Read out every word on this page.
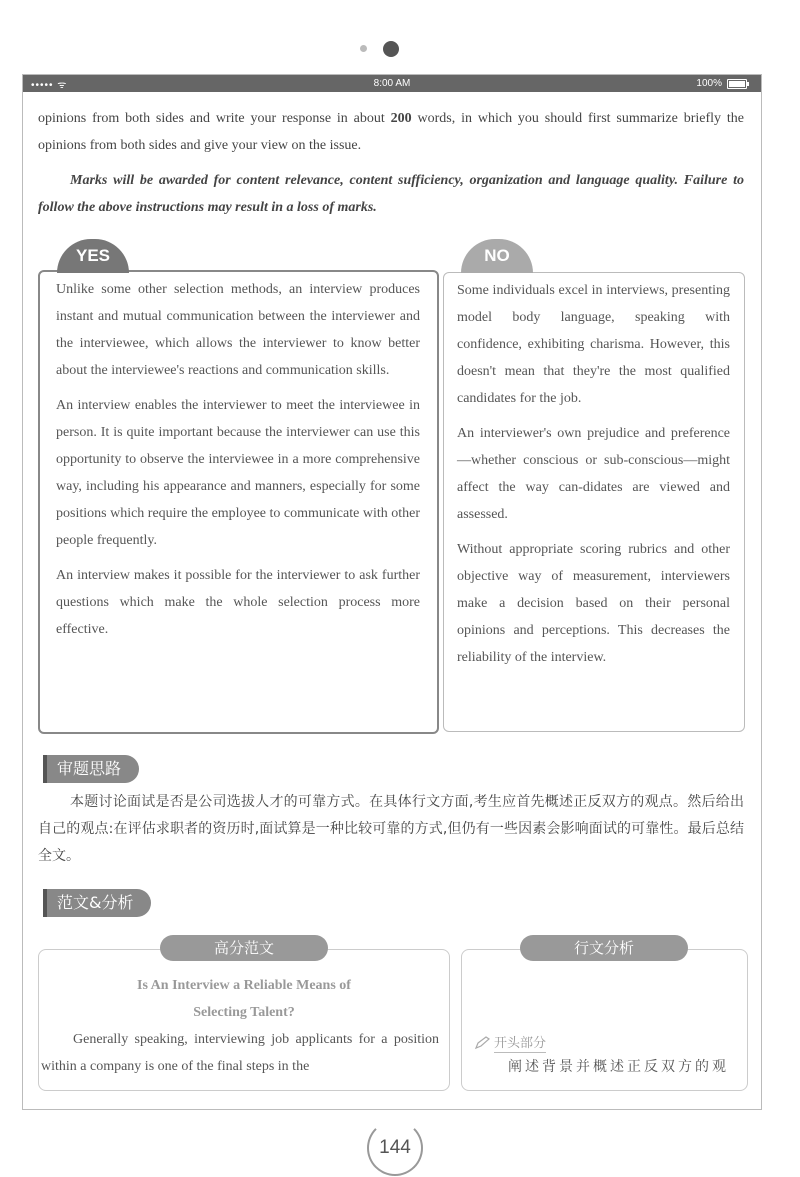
••••• ᯤ	8:00 AM	100%
opinions from both sides and write your response in about 200 words, in which you should first summarize briefly the opinions from both sides and give your view on the issue.
Marks will be awarded for content relevance, content sufficiency, organization and language quality. Failure to follow the above instructions may result in a loss of marks.

Unlike some other selection methods, an interview produces instant and mutual communication between the interviewer and the interviewee, which allows the interviewer to know better about the interviewee's reactions and communication skills.

An interview enables the interviewer to meet the interviewee in person. It is quite important because the interviewer can use this opportunity to observe the interviewee in a more comprehensive way, including his appearance and manners, especially for some positions which require the employee to communicate with other people frequently.

An interview makes it possible for the interviewer to ask further questions which make the whole selection process more effective.

YES

Some individuals excel in interviews, presenting model body language, speaking with confidence, exhibiting charisma. However, this doesn't mean that they're the most qualified candidates for the job.

An interviewer's own prejudice and preference—whether conscious or sub-conscious—might affect the way can-didates are viewed and assessed.

Without appropriate scoring rubrics and other objective way of measurement, interviewers make a decision based on their personal opinions and perceptions. This decreases the reliability of the interview.

NO
审题思路
本题讨论面试是否是公司选拔人才的可靠方式。在具体行文方面,考生应首先概述正反双方的观点。然后给出自己的观点:在评估求职者的资历时,面试算是一种比较可靠的方式,但仍有一些因素会影响面试的可靠性。最后总结全文。
范文&分析
Is An Interview a Reliable Means of
Selecting Talent?
Generally speaking, interviewing job applicants for a position within a company is one of the final steps in the
开头部分
阐述背景并概述正反双方的观
高分范文	行文分析
144
